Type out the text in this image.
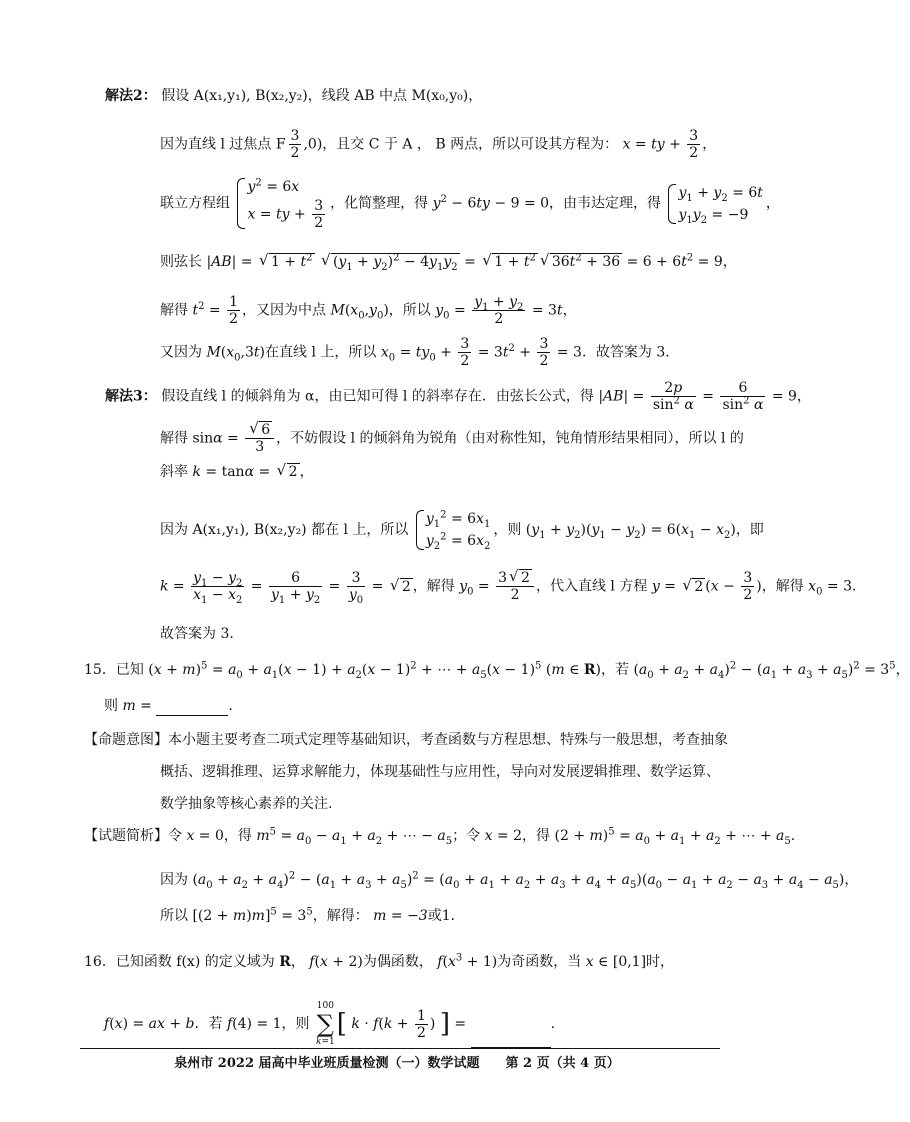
解法2： 假设 A(x₁,y₁), B(x₂,y₂)，线段 AB 中点 M(x₀,y₀)，
因为直线 l 过焦点 F $\frac{3}{2} ,0$)，且交 C 于 A ， B 两点，所以可设其方程为： x = ty + $\frac{3}{2}$ ，
联立方程组
$y^2 = 6x$
x = ty + $\frac{3}{2}$ ，化简整理，得 $y^2 - 6ty - 9 = 0$，由韦达定理，得
$y_1 + y_2 = 6t$
$y_1y_2 = -9$
，
则弦长 |AB| = √ $1 + t^2$ √ $(y_1 + y_2)^2 - 4y_1y_2$ = √ $1 + t^2√$ $36t^2 + 36 = 6 + 6t^2 = 9$，
解得 $t^2 = \frac{1}{2}$ ，又因为中点 $M(x_0,y_0)$，所以 $y_0 = \frac{y_1 + y_2}{2} = 3t$，
又因为 $M(x_0,3t)$在直线 l 上，所以 $x_0 = ty_0 + \frac{3}{2} = 3t^2 + \frac{3}{2} = 3$．故答案为 3．
解法3： 假设直线 l 的倾斜角为 α，由已知可得 l 的斜率存在．由弦长公式，得 $|AB| = \frac{2p}{\sin^2 \alpha} = \frac{6}{\sin^2 \alpha} = 9$，
解得 sinα =
√ $\frac{6}{3}$ ，不妨假设 l 的倾斜角为锐角（由对称性知，钝角情形结果相同），所以 l 的
斜率 k = tanα = √ 2 ，
因为 A(x₁,y₁), B(x₂,y₂) 都在 l 上，所以
$y_1^2 = 6x_1$
$y_2^2 = 6x_2$
，则 $(y_1 + y_2)(y_1 - y_2) = 6(x_1 - x_2)$，即
$k = \frac{y_1 - y_2}{x_1 - x_2} = \frac{6}{y_1 + y_2} = \frac{3}{y_0}$ = √ 2 ，解得 $y_0 = \frac{3√ 2}{2}$ ，代入直线 l 方程 y = √ 2 ($x - \frac{3}{2}$ )，解得 $x_0 = 3$．
故答案为 3．
15．已知 $(x + m)^5 = a_0 + a_1(x - 1) + a_2(x - 1)^2$ + ⋯ + $a_5(x - 1)^5$ (m ∈ R)，若 $(a_0 + a_2 + a_4)^2 - (a_1 + a_3 + a_5)^2 = 3^5$，
则 m =	.
【命题意图】本小题主要考查二项式定理等基础知识，考查函数与方程思想、特殊与一般思想，考查抽象
概括、逻辑推理、运算求解能力，体现基础性与应用性，导向对发展逻辑推理、数学运算、
数学抽象等核心素养的关注.
【试题简析】令 x = 0，得 $m^5 = a_0 - a_1 + a_2$ + ⋯ − $a_5$；令 x = 2，得 $(2 + m)^5 = a_0 + a_1 + a_2$ + ⋯ + $a_5$.
因为 $(a_0 + a_2 + a_4)^2 - (a_1 + a_3 + a_5)^2 = (a_0 + a_1 + a_2 + a_3 + a_4 + a_5)(a_0 - a_1 + a_2 - a_3 + a_4 - a_5)$，
所以 $[(2 + m)m]^5 = 3^5$，解得： m = −3或1．
16．已知函数 f(x) 的定义域为 R， f(x + 2)为偶函数， $f(x^3 + 1)$为奇函数，当 x ∈ [0,1]时，
f(x) = ax + b．若 f(4) = 1，则
100
∑
k=1
[ $k \cdot f(k + \frac{1}{2}$ ) ] =	.
泉州市 2022 届高中毕业班质量检测（一）数学试题　　第 2 页（共 4 页）
